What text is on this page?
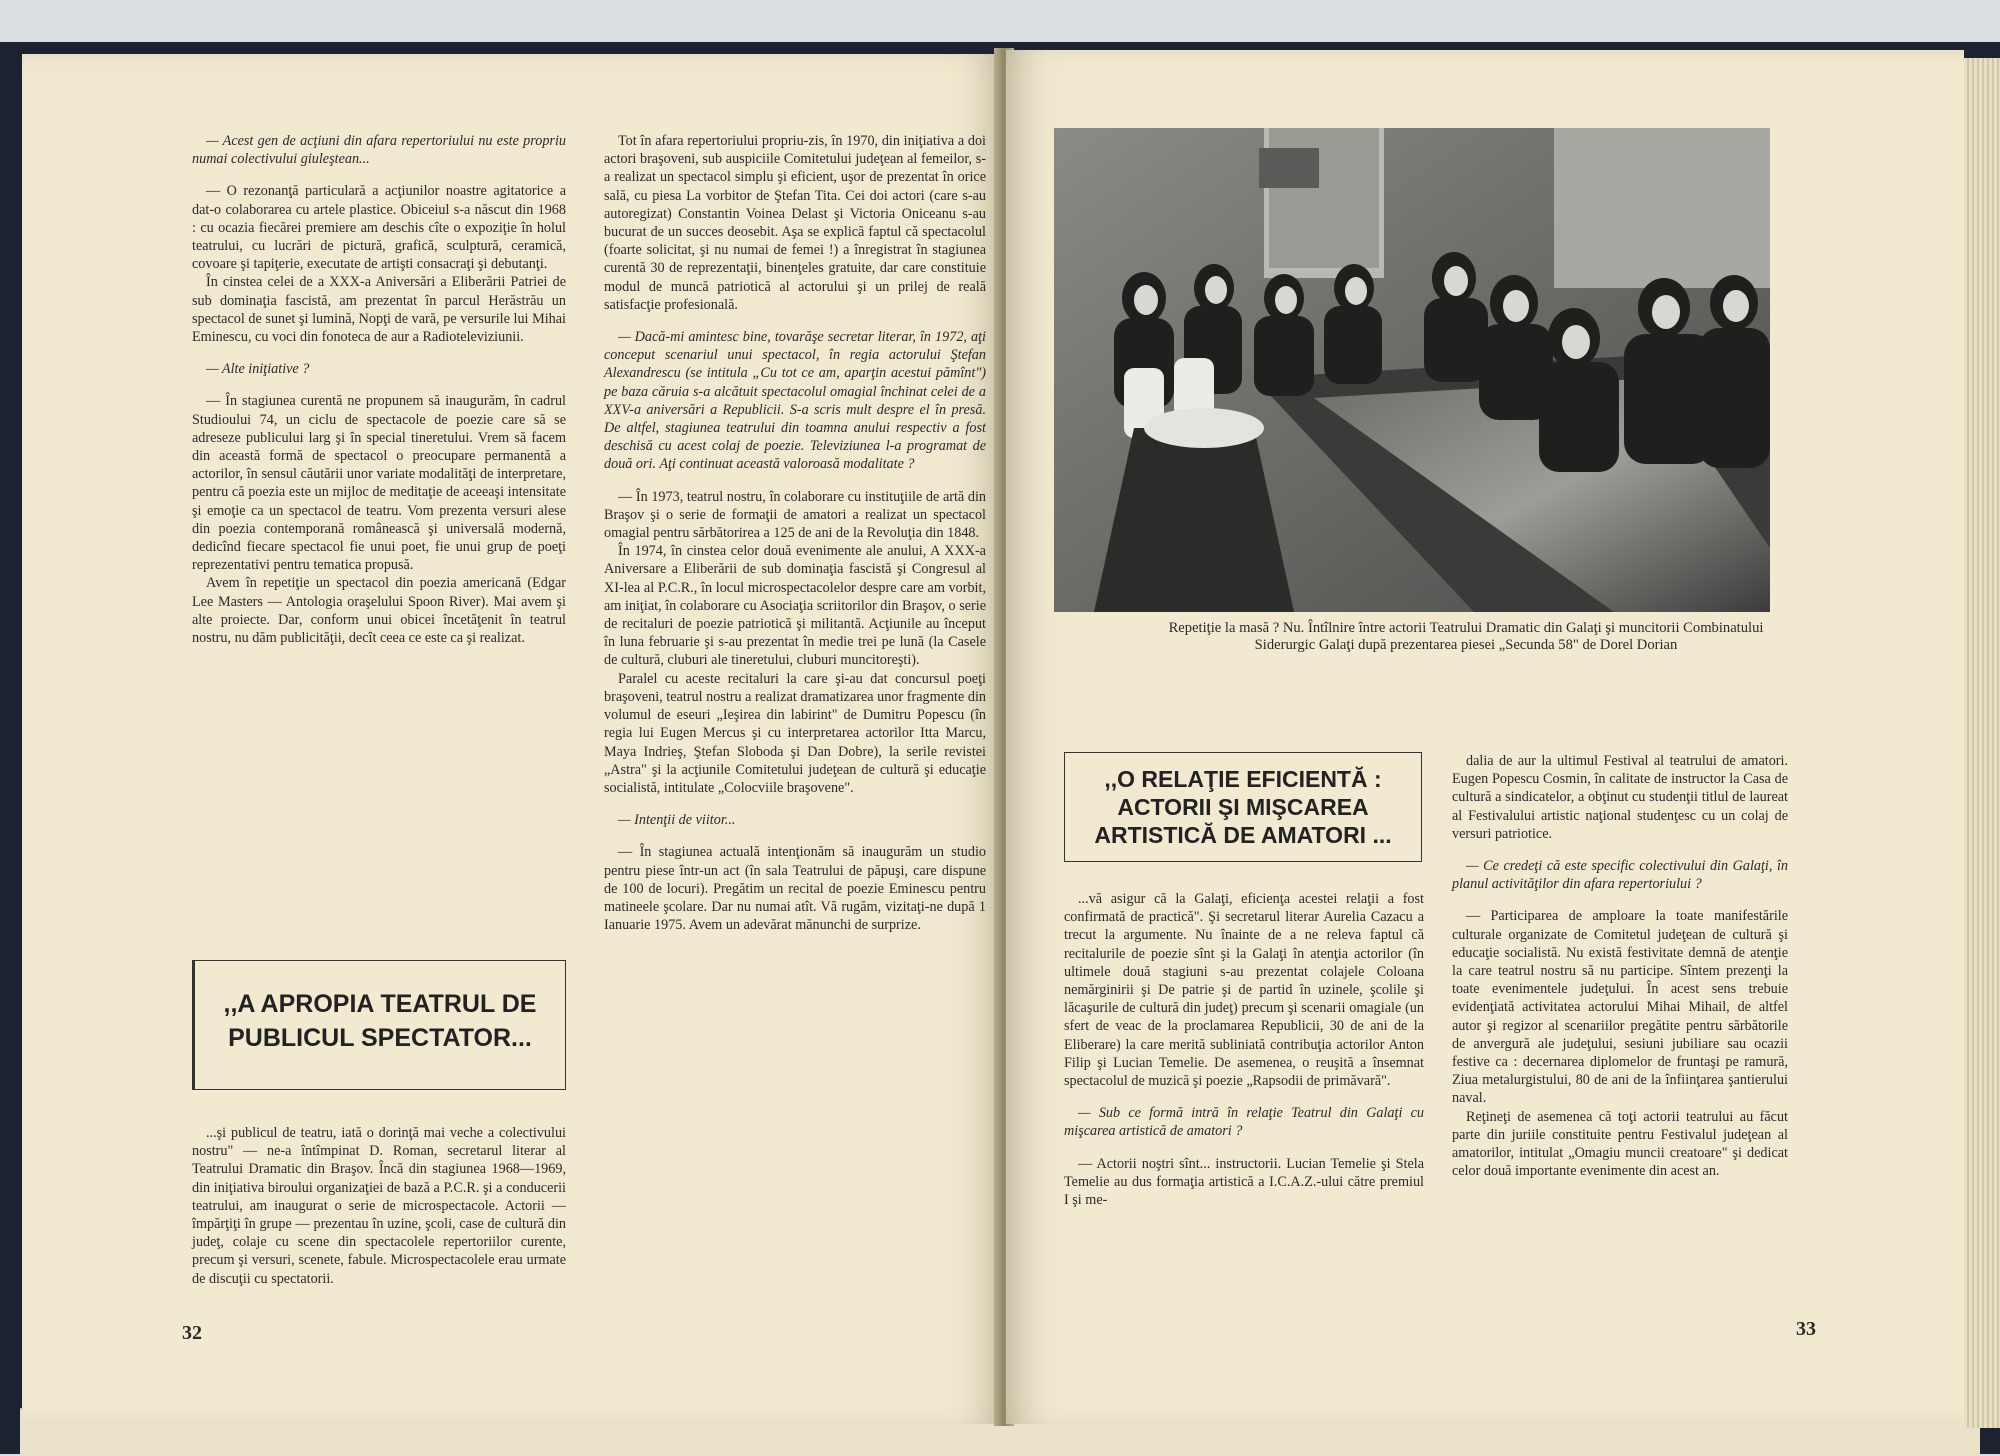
— Acest gen de acţiuni din afara repertoriului nu este propriu numai colectivului giuleştean...

— O rezonanţă particulară a acţiunilor noastre agitatorice a dat-o colaborarea cu artele plastice. Obiceiul s-a născut din 1968 : cu ocazia fiecărei premiere am deschis cîte o expoziţie în holul teatrului, cu lucrări de pictură, grafică, sculptură, ceramică, covoare şi tapiţerie, executate de artişti consacraţi şi debutanţi.

În cinstea celei de a XXX-a Aniversări a Eliberării Patriei de sub dominaţia fascistă, am prezentat în parcul Herăstrău un spectacol de sunet şi lumină, Nopţi de vară, pe versurile lui Mihai Eminescu, cu voci din fonoteca de aur a Radioteleviziunii.

— Alte iniţiative ?

— În stagiunea curentă ne propunem să inaugurăm, în cadrul Studioului 74, un ciclu de spectacole de poezie care să se adreseze publicului larg şi în special tineretului. Vrem să facem din această formă de spectacol o preocupare permanentă a actorilor, în sensul căutării unor variate modalităţi de interpretare, pentru că poezia este un mijloc de meditaţie de aceeaşi intensitate şi emoţie ca un spectacol de teatru. Vom prezenta versuri alese din poezia contemporană românească şi universală modernă, dedicînd fiecare spectacol fie unui poet, fie unui grup de poeţi reprezentativi pentru tematica propusă.

Avem în repetiţie un spectacol din poezia americană (Edgar Lee Masters — Antologia oraşelului Spoon River). Mai avem şi alte proiecte. Dar, conform unui obicei încetăţenit în teatrul nostru, nu dăm publicităţii, decît ceea ce este ca şi realizat.

Tot în afara repertoriului propriu-zis, în 1970, din iniţiativa a doi actori braşoveni, sub auspiciile Comitetului judeţean al femeilor, s-a realizat un spectacol simplu şi eficient, uşor de prezentat în orice sală, cu piesa La vorbitor de Ştefan Tita. Cei doi actori (care s-au autoregizat) Constantin Voinea Delast şi Victoria Oniceanu s-au bucurat de un succes deosebit. Aşa se explică faptul că spectacolul (foarte solicitat, şi nu numai de femei !) a înregistrat în stagiunea curentă 30 de reprezentaţii, binenţeles gratuite, dar care constituie modul de muncă patriotică al actorului şi un prilej de reală satisfacţie profesională.

— Dacă-mi amintesc bine, tovarăşe secretar literar, în 1972, aţi conceput scenariul unui spectacol, în regia actorului Ştefan Alexandrescu (se intitula „Cu tot ce am, aparţin acestui pămînt") pe baza căruia s-a alcătuit spectacolul omagial închinat celei de a XXV-a aniversări a Republicii. S-a scris mult despre el în presă. De altfel, stagiunea teatrului din toamna anului respectiv a fost deschisă cu acest colaj de poezie. Televiziunea l-a programat de două ori. Aţi continuat această valoroasă modalitate ?

— În 1973, teatrul nostru, în colaborare cu instituţiile de artă din Braşov şi o serie de formaţii de amatori a realizat un spectacol omagial pentru sărbătorirea a 125 de ani de la Revoluţia din 1848.

În 1974, în cinstea celor două evenimente ale anului, A XXX-a Aniversare a Eliberării de sub dominaţia fascistă şi Congresul al XI-lea al P.C.R., în locul microspectacolelor despre care am vorbit, am iniţiat, în colaborare cu Asociaţia scriitorilor din Braşov, o serie de recitaluri de poezie patriotică şi militantă. Acţiunile au început în luna februarie şi s-au prezentat în medie trei pe lună (la Casele de cultură, cluburi ale tineretului, cluburi muncitoreşti).

Paralel cu aceste recitaluri la care şi-au dat concursul poeţi braşoveni, teatrul nostru a realizat dramatizarea unor fragmente din volumul de eseuri „Ieşirea din labirint" de Dumitru Popescu (în regia lui Eugen Mercus şi cu interpretarea actorilor Itta Marcu, Maya Indrieş, Ştefan Sloboda şi Dan Dobre), la serile revistei „Astra" şi la acţiunile Comitetului judeţean de cultură şi educaţie socialistă, intitulate „Colocviile braşovene".

— Intenţii de viitor...

— În stagiunea actuală intenţionăm să inaugurăm un studio pentru piese într-un act (în sala Teatrului de păpuşi, care dispune de 100 de locuri). Pregătim un recital de poezie Eminescu pentru matineele şcolare. Dar nu numai atît. Vă rugăm, vizitaţi-ne după 1 Ianuarie 1975. Avem un adevărat mănunchi de surprize.

,,A APROPIA TEATRUL DE
PUBLICUL SPECTATOR...

...şi publicul de teatru, iată o dorinţă mai veche a colectivului nostru" — ne-a întîmpinat D. Roman, secretarul literar al Teatrului Dramatic din Braşov. Încă din stagiunea 1968—1969, din iniţiativa biroului organizaţiei de bază a P.C.R. şi a conducerii teatrului, am inaugurat o serie de microspectacole. Actorii — împărţiţi în grupe — prezentau în uzine, şcoli, case de cultură din judeţ, colaje cu scene din spectacolele repertoriilor curente, precum şi versuri, scenete, fabule. Microspectacolele erau urmate de discuţii cu spectatorii.

32
Repetiţie la masă ? Nu. Întîlnire între actorii Teatrului Dramatic din Galaţi şi muncitorii Combinatului Siderurgic Galaţi după prezentarea piesei „Secunda 58" de Dorel Dorian
,,O RELAŢIE EFICIENTĂ :
ACTORII ŞI MIŞCAREA
ARTISTICĂ DE AMATORI ...

...vă asigur că la Galaţi, eficienţa acestei relaţii a fost confirmată de practică". Şi secretarul literar Aurelia Cazacu a trecut la argumente. Nu înainte de a ne releva faptul că recitalurile de poezie sînt şi la Galaţi în atenţia actorilor (în ultimele două stagiuni s-au prezentat colajele Coloana nemărginirii şi De patrie şi de partid în uzinele, şcolile şi lăcaşurile de cultură din judeţ) precum şi scenarii omagiale (un sfert de veac de la proclamarea Republicii, 30 de ani de la Eliberare) la care merită subliniată contribuţia actorilor Anton Filip şi Lucian Temelie. De asemenea, o reuşită a însemnat spectacolul de muzică şi poezie „Rapsodii de primăvară".

— Sub ce formă intră în relaţie Teatrul din Galaţi cu mişcarea artistică de amatori ?

— Actorii noştri sînt... instructorii. Lucian Temelie şi Stela Temelie au dus formaţia artistică a I.C.A.Z.-ului către premiul I şi me-

dalia de aur la ultimul Festival al teatrului de amatori. Eugen Popescu Cosmin, în calitate de instructor la Casa de cultură a sindicatelor, a obţinut cu studenţii titlul de laureat al Festivalului artistic naţional studenţesc cu un colaj de versuri patriotice.

— Ce credeţi că este specific colectivului din Galaţi, în planul activităţilor din afara repertoriului ?

— Participarea de amploare la toate manifestările culturale organizate de Comitetul judeţean de cultură şi educaţie socialistă. Nu există festivitate demnă de atenţie la care teatrul nostru să nu participe. Sîntem prezenţi la toate evenimentele judeţului. În acest sens trebuie evidenţiată activitatea actorului Mihai Mihail, de altfel autor şi regizor al scenariilor pregătite pentru sărbătorile de anvergură ale judeţului, sesiuni jubiliare sau ocazii festive ca : decernarea diplomelor de fruntaşi pe ramură, Ziua metalurgistului, 80 de ani de la înfiinţarea şantierului naval.

Reţineţi de asemenea că toţi actorii teatrului au făcut parte din juriile constituite pentru Festivalul judeţean al amatorilor, intitulat „Omagiu muncii creatoare" şi dedicat celor două importante evenimente din acest an.

33
